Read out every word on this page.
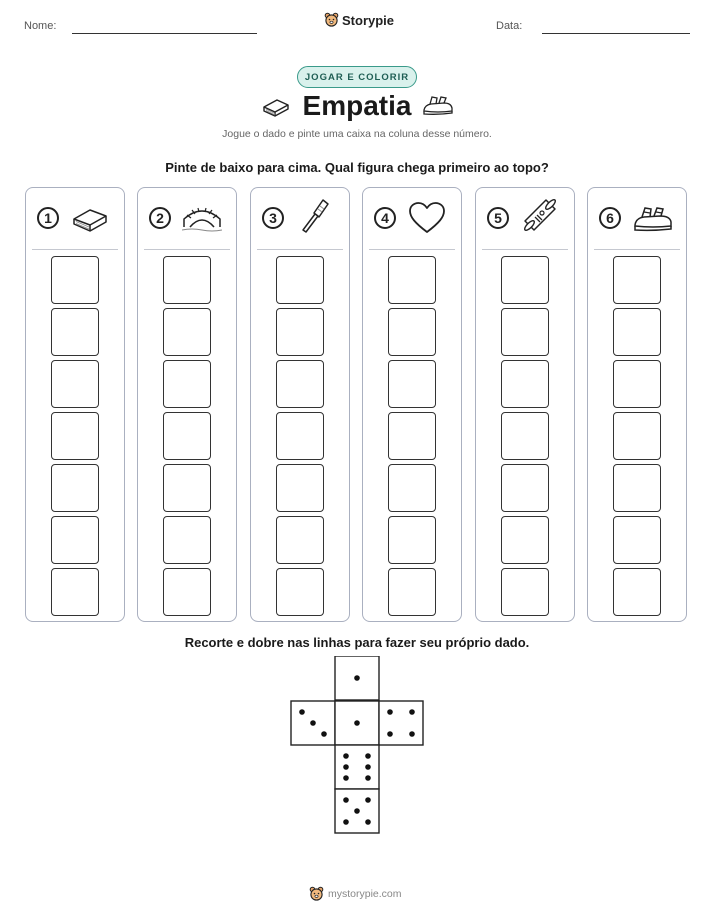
Nome:	Storypie	Data:
JOGAR E COLORIR
Empatia
Jogue o dado e pinte uma caixa na coluna desse número.
Pinte de baixo para cima. Qual figura chega primeiro ao topo?
1	2	3	4	5	6
Recorte e dobre nas linhas para fazer seu próprio dado.
mystorypie.com
